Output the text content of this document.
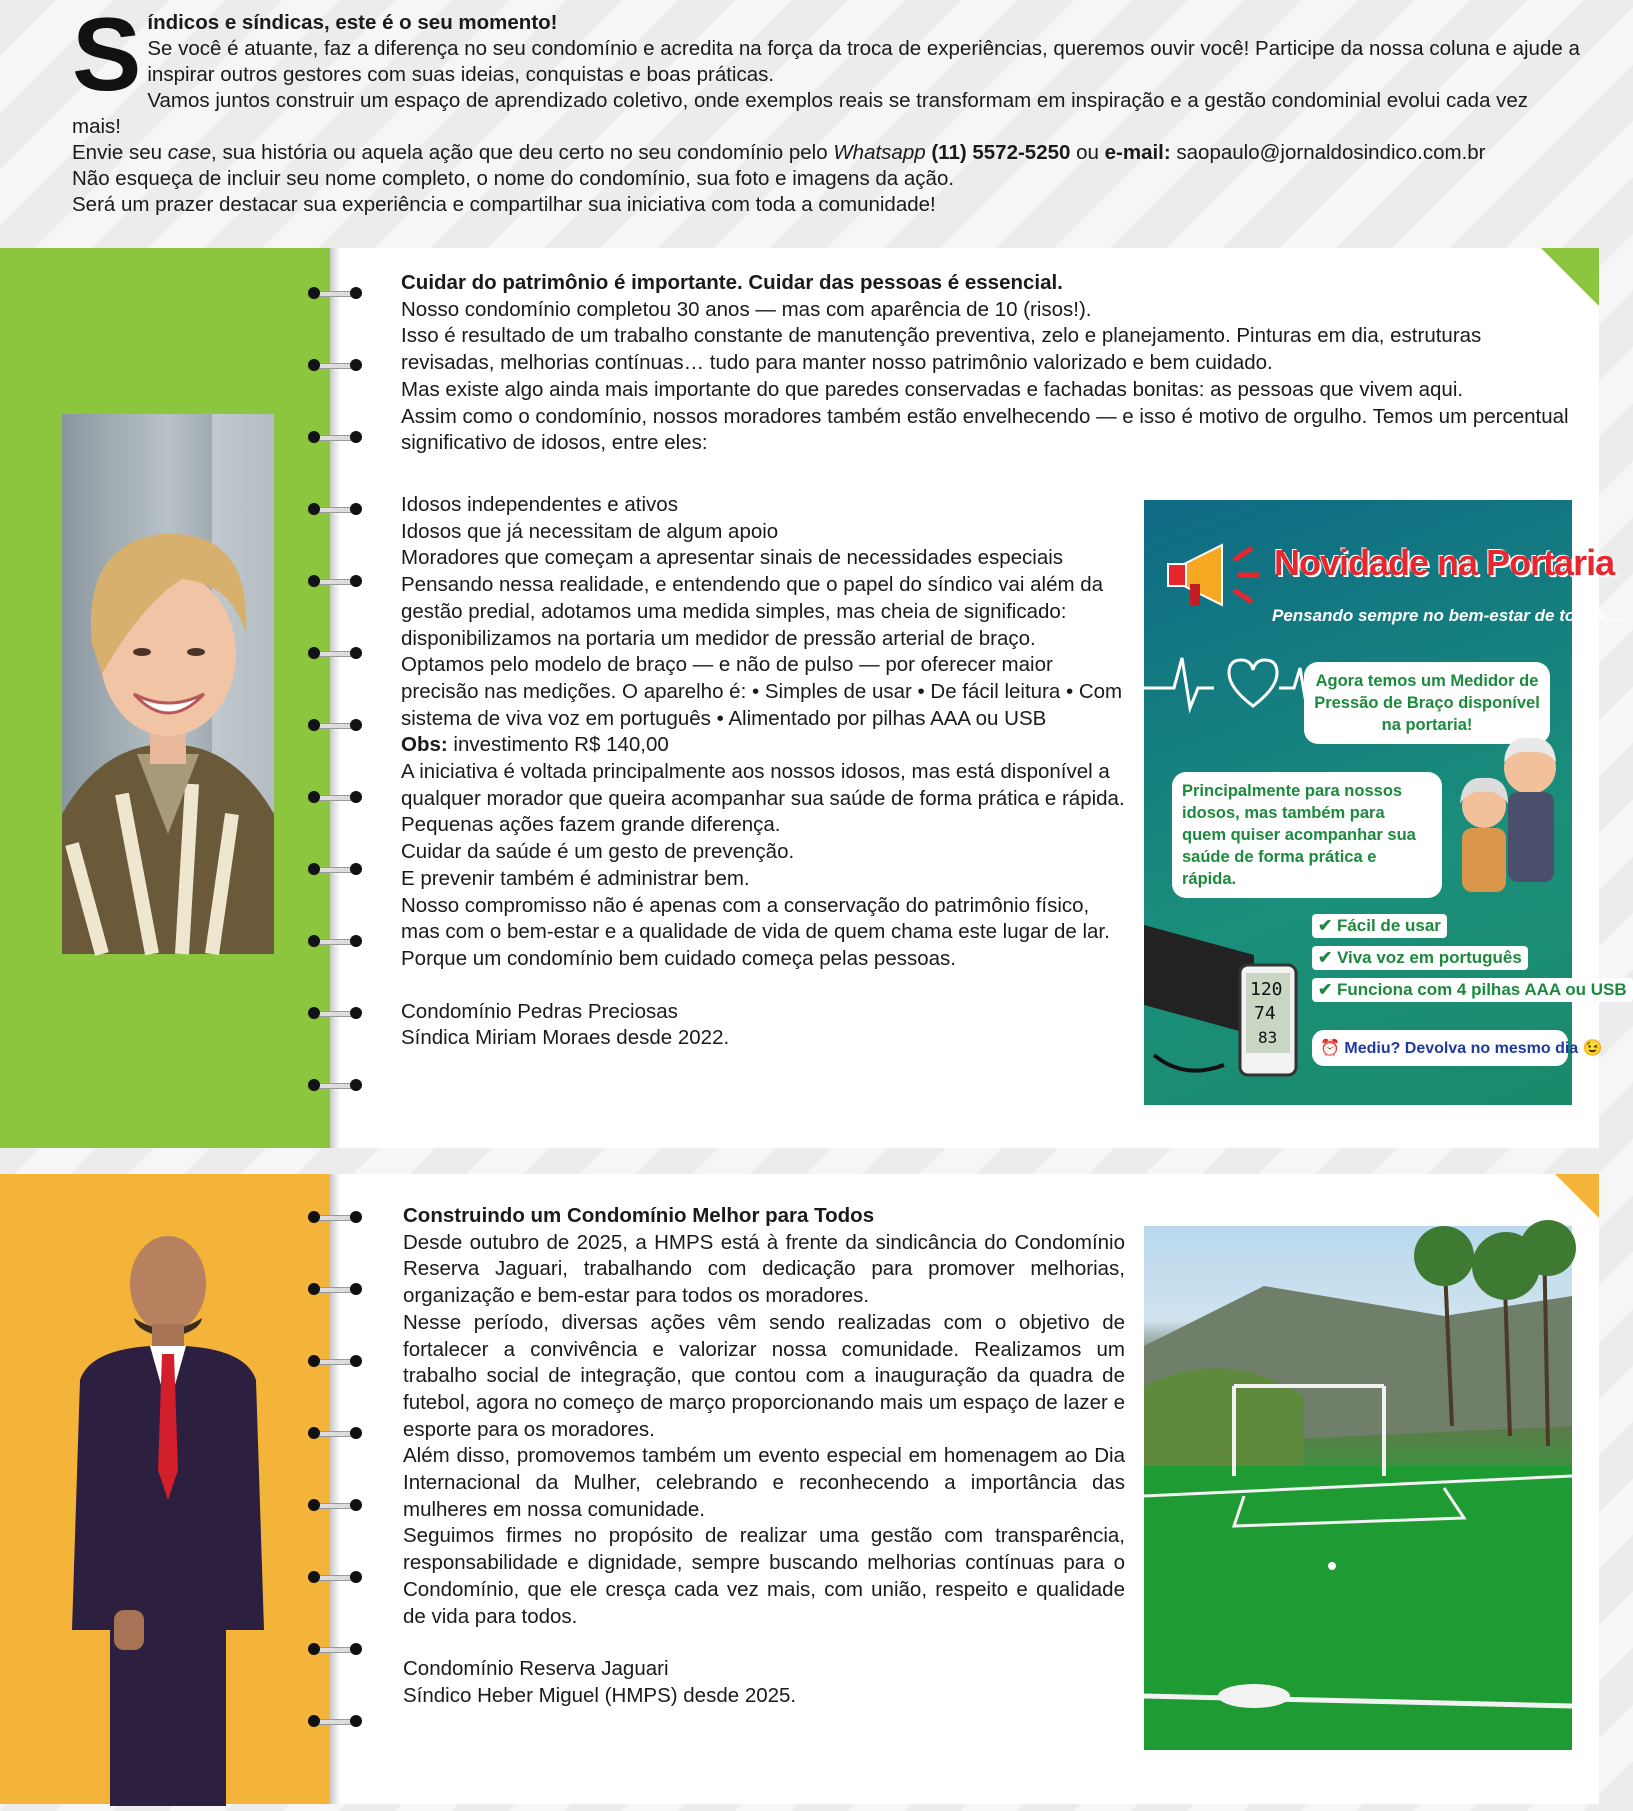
S índicos e síndicas, este é o seu momento!

Se você é atuante, faz a diferença no seu condomínio e acredita na força da troca de experiências, queremos ouvir você! Participe da nossa coluna e ajude a inspirar outros gestores com suas ideias, conquistas e boas práticas.

Vamos juntos construir um espaço de aprendizado coletivo, onde exemplos reais se transformam em inspiração e a gestão condominial evolui cada vez mais!

Envie seu case, sua história ou aquela ação que deu certo no seu condomínio pelo Whatsapp (11) 5572-5250 ou e-mail: saopaulo@jornaldosindico.com.br

Não esqueça de incluir seu nome completo, o nome do condomínio, sua foto e imagens da ação.

Será um prazer destacar sua experiência e compartilhar sua iniciativa com toda a comunidade!

Cuidar do patrimônio é importante. Cuidar das pessoas é essencial.

Nosso condomínio completou 30 anos — mas com aparência de 10 (risos!).

Isso é resultado de um trabalho constante de manutenção preventiva, zelo e planejamento. Pinturas em dia, estruturas revisadas, melhorias contínuas… tudo para manter nosso patrimônio valorizado e bem cuidado.

Mas existe algo ainda mais importante do que paredes conservadas e fachadas bonitas: as pessoas que vivem aqui.

Assim como o condomínio, nossos moradores também estão envelhecendo — e isso é motivo de orgulho. Temos um percentual significativo de idosos, entre eles:

Idosos independentes e ativos

Idosos que já necessitam de algum apoio

Moradores que começam a apresentar sinais de necessidades especiais

Pensando nessa realidade, e entendendo que o papel do síndico vai além da gestão predial, adotamos uma medida simples, mas cheia de significado: disponibilizamos na portaria um medidor de pressão arterial de braço.

Optamos pelo modelo de braço — e não de pulso — por oferecer maior precisão nas medições. O aparelho é: • Simples de usar • De fácil leitura • Com sistema de viva voz em português • Alimentado por pilhas AAA ou USB

Obs: investimento R$ 140,00

A iniciativa é voltada principalmente aos nossos idosos, mas está disponível a qualquer morador que queira acompanhar sua saúde de forma prática e rápida.

Pequenas ações fazem grande diferença.

Cuidar da saúde é um gesto de prevenção.

E prevenir também é administrar bem.

Nosso compromisso não é apenas com a conservação do patrimônio físico, mas com o bem-estar e a qualidade de vida de quem chama este lugar de lar.

Porque um condomínio bem cuidado começa pelas pessoas.

Condomínio Pedras Preciosas

Síndica Miriam Moraes desde 2022.

Novidade na Portaria
Pensando sempre no bem-estar de todos.....
Agora temos um Medidor de Pressão de Braço disponível na portaria!
Principalmente para nossos idosos, mas também para quem quiser acompanhar sua saúde de forma prática e rápida.
120
74
83
✔ Fácil de usar
✔ Viva voz em português
✔ Funciona com 4 pilhas AAA ou USB
⏰ Mediu? Devolva no mesmo dia 😉

Construindo um Condomínio Melhor para Todos

Desde outubro de 2025, a HMPS está à frente da sindicância do Condomínio Reserva Jaguari, trabalhando com dedicação para promover melhorias, organização e bem-estar para todos os moradores.

Nesse período, diversas ações vêm sendo realizadas com o objetivo de fortalecer a convivência e valorizar nossa comunidade. Realizamos um trabalho social de integração, que contou com a inauguração da quadra de futebol, agora no começo de março proporcionando mais um espaço de lazer e esporte para os moradores.

Além disso, promovemos também um evento especial em homenagem ao Dia Internacional da Mulher, celebrando e reconhecendo a importância das mulheres em nossa comunidade.

Seguimos firmes no propósito de realizar uma gestão com transparência, responsabilidade e dignidade, sempre buscando melhorias contínuas para o Condomínio, que ele cresça cada vez mais, com união, respeito e qualidade de vida para todos.

Condomínio Reserva Jaguari

Síndico Heber Miguel (HMPS) desde 2025.
